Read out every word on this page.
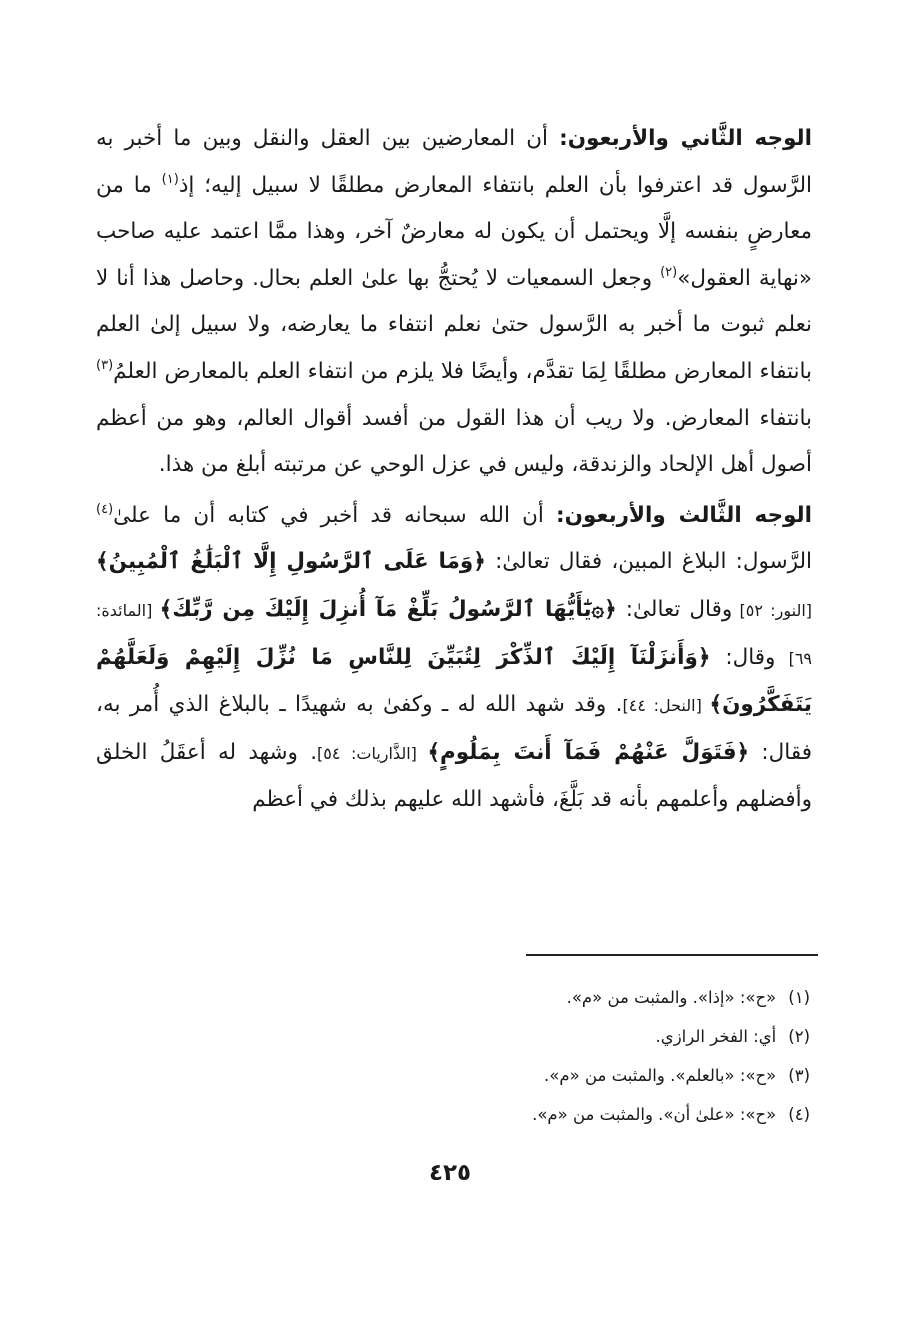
الوجه الثَّاني والأربعون: أن المعارضين بين العقل والنقل وبين ما أخبر به الرَّسول قد اعترفوا بأن العلم بانتفاء المعارض مطلقًا لا سبيل إليه؛ إذ$^{(١)}$ ما من معارضٍ بنفسه إلَّا ويحتمل أن يكون له معارضٌ آخر، وهذا ممَّا اعتمد عليه صاحب «نهاية العقول»$^{(٢)}$ وجعل السمعيات لا يُحتجُّ بها علىٰ العلم بحال. وحاصل هذا أنا لا نعلم ثبوت ما أخبر به الرَّسول حتىٰ نعلم انتفاء ما يعارضه، ولا سبيل إلىٰ العلم بانتفاء المعارض مطلقًا لِمَا تقدَّم، وأيضًا فلا يلزم من انتفاء العلم بالمعارض العلمُ$^{(٣)}$ بانتفاء المعارض. ولا ريب أن هذا القول من أفسد أقوال العالم، وهو من أعظم أصول أهل الإلحاد والزندقة، وليس في عزل الوحي عن مرتبته أبلغ من هذا.

الوجه الثَّالث والأربعون: أن الله سبحانه قد أخبر في كتابه أن ما علىٰ$^{(٤)}$ الرَّسول: البلاغ المبين، فقال تعالىٰ: ﴿وَمَا عَلَى ٱلرَّسُولِ إِلَّا ٱلْبَلَٰغُ ٱلْمُبِينُ﴾ [النور: ٥٢] وقال تعالىٰ: ﴿۞يَٰٓأَيُّهَا ٱلرَّسُولُ بَلِّغْ مَآ أُنزِلَ إِلَيْكَ مِن رَّبِّكَ﴾ [المائدة: ٦٩] وقال: ﴿وَأَنزَلْنَآ إِلَيْكَ ٱلذِّكْرَ لِتُبَيِّنَ لِلنَّاسِ مَا نُزِّلَ إِلَيْهِمْ وَلَعَلَّهُمْ يَتَفَكَّرُونَ﴾ [النحل: ٤٤]. وقد شهد الله له ـ وكفىٰ به شهيدًا ـ بالبلاغ الذي أُمر به، فقال: ﴿فَتَوَلَّ عَنْهُمْ فَمَآ أَنتَ بِمَلُومٍ﴾ [الذَّاريات: ٥٤]. وشهد له أعقَلُ الخلق وأفضلهم وأعلمهم بأنه قد بَلَّغَ، فأشهد الله عليهم بذلك في أعظم

(١)«ح»: «إذا». والمثبت من «م».
(٢)أي: الفخر الرازي.
(٣)«ح»: «بالعلم». والمثبت من «م».
(٤)«ح»: «علىٰ أن». والمثبت من «م».
٤٢٥
